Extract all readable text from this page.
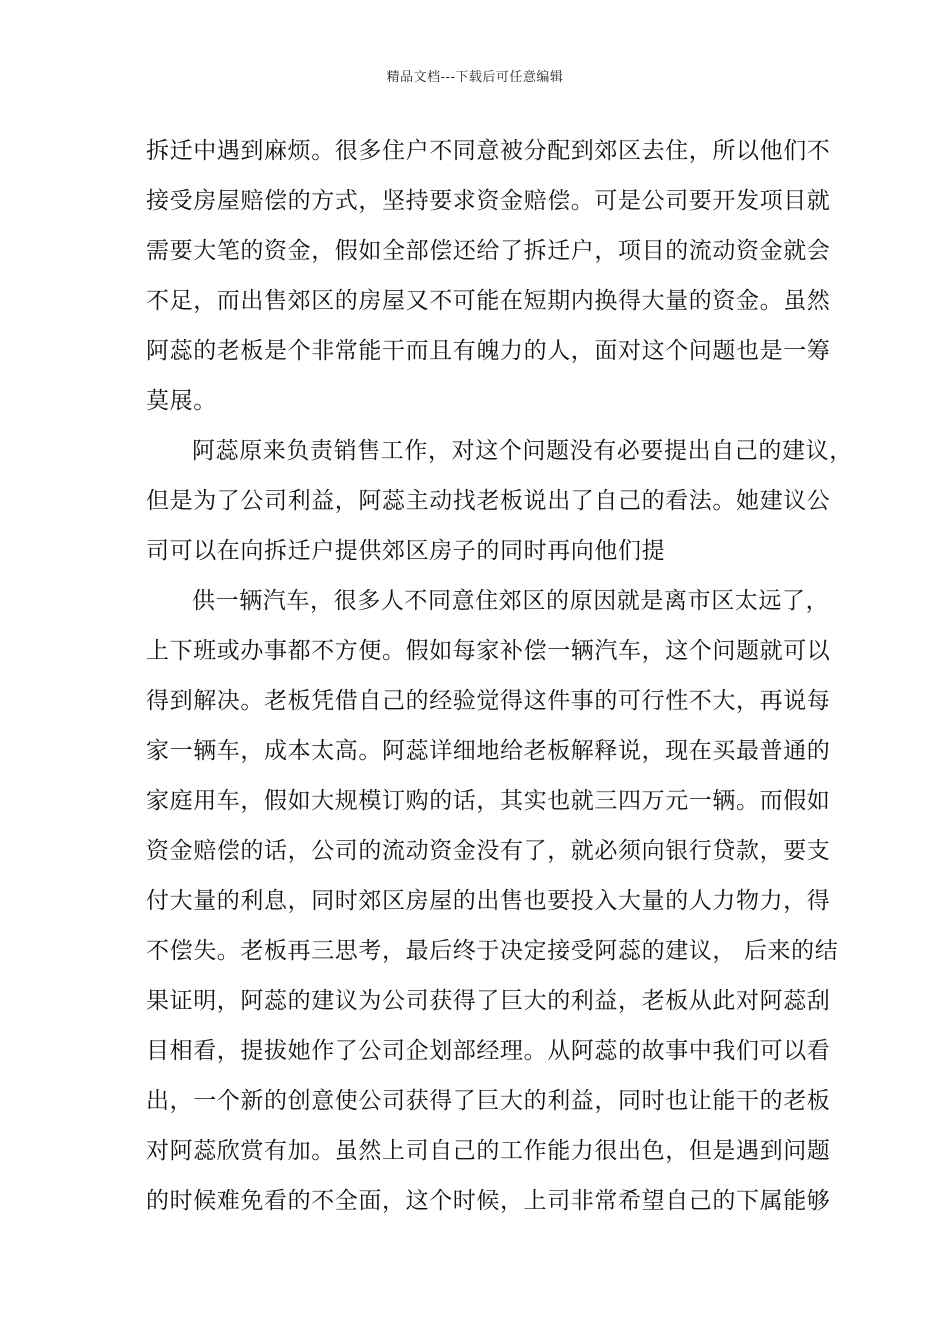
精品文档---下载后可任意编辑
拆迁中遇到麻烦。很多住户不同意被分配到郊区去住，所以他们不
接受房屋赔偿的方式，坚持要求资金赔偿。可是公司要开发项目就
需要大笔的资金，假如全部偿还给了拆迁户，项目的流动资金就会
不足，而出售郊区的房屋又不可能在短期内换得大量的资金。虽然
阿蕊的老板是个非常能干而且有魄力的人，面对这个问题也是一筹
莫展。
阿蕊原来负责销售工作，对这个问题没有必要提出自己的建议，
但是为了公司利益，阿蕊主动找老板说出了自己的看法。她建议公
司可以在向拆迁户提供郊区房子的同时再向他们提
供一辆汽车，很多人不同意住郊区的原因就是离市区太远了，
上下班或办事都不方便。假如每家补偿一辆汽车，这个问题就可以
得到解决。老板凭借自己的经验觉得这件事的可行性不大，再说每
家一辆车，成本太高。阿蕊详细地给老板解释说，现在买最普通的
家庭用车，假如大规模订购的话，其实也就三四万元一辆。而假如
资金赔偿的话，公司的流动资金没有了，就必须向银行贷款，要支
付大量的利息，同时郊区房屋的出售也要投入大量的人力物力，得
不偿失。老板再三思考，最后终于决定接受阿蕊的建议， 后来的结
果证明，阿蕊的建议为公司获得了巨大的利益，老板从此对阿蕊刮
目相看，提拔她作了公司企划部经理。从阿蕊的故事中我们可以看
出，一个新的创意使公司获得了巨大的利益，同时也让能干的老板
对阿蕊欣赏有加。虽然上司自己的工作能力很出色，但是遇到问题
的时候难免看的不全面，这个时候，上司非常希望自己的下属能够
